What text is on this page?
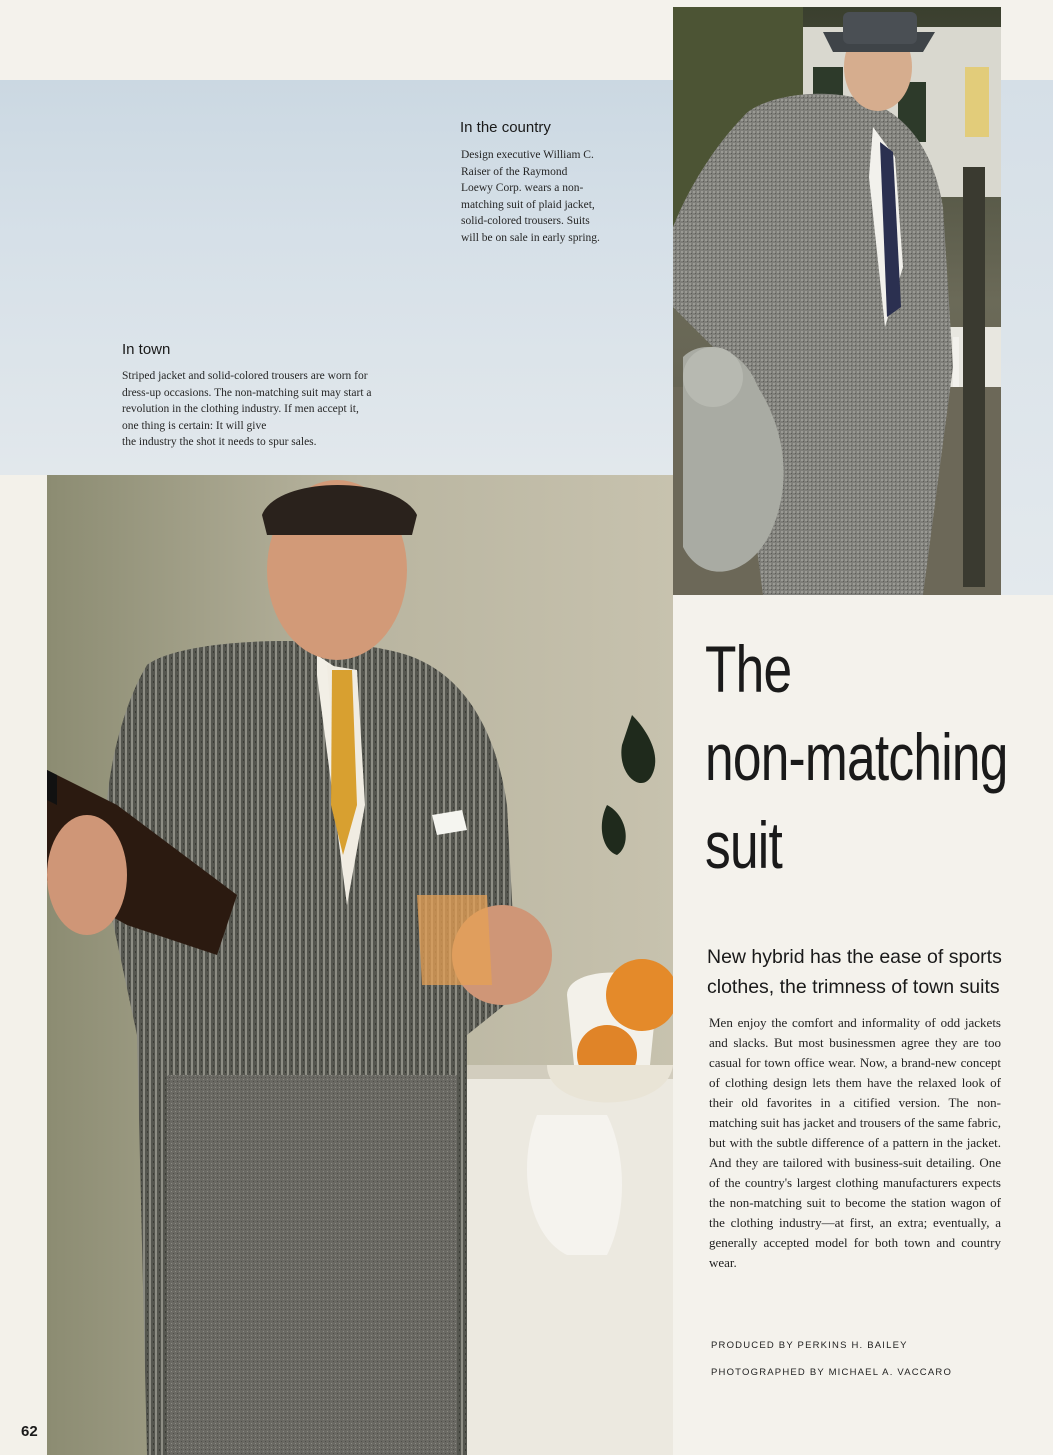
In the country
Design executive William C.
Raiser of the Raymond
Loewy Corp. wears a non-
matching suit of plaid jacket,
solid-colored trousers. Suits
will be on sale in early spring.
In town
Striped jacket and solid-colored trousers are worn for
dress-up occasions. The non-matching suit may start a
revolution in the clothing industry. If men accept it,
one thing is certain: It will give
the industry the shot it needs to spur sales.
The
non-matching
suit
New hybrid has the ease of sports
clothes, the trimness of town suits
Men enjoy the comfort and informality of odd jackets and slacks. But most businessmen agree they are too casual for town office wear. Now, a brand-new concept of clothing design lets them have the relaxed look of their old favorites in a citified version. The non-matching suit has jacket and trousers of the same fabric, but with the subtle difference of a pattern in the jacket. And they are tailored with business-suit detailing. One of the country's largest clothing manufacturers expects the non-matching suit to become the station wagon of the clothing industry—at first, an extra; eventually, a generally accepted model for both town and country wear.
PRODUCED BY PERKINS H. BAILEY
PHOTOGRAPHED BY MICHAEL A. VACCARO
62
